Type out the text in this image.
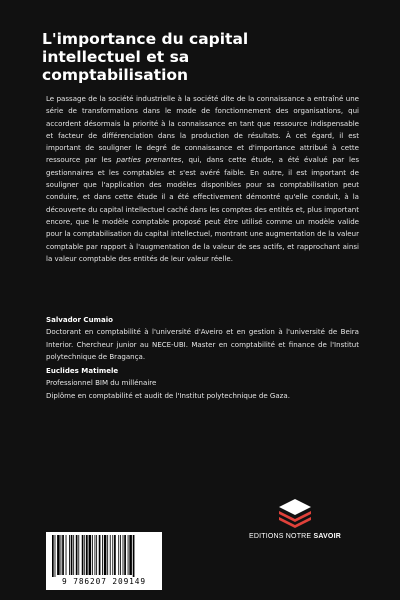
L'importance du capital
intellectuel et sa
comptabilisation

Le passage de la société industrielle à la société dite de la connaissance a entraîné une série de transformations dans le mode de fonctionnement des organisations, qui accordent désormais la priorité à la connaissance en tant que ressource indispensable et facteur de différenciation dans la production de résultats. À cet égard, il est important de souligner le degré de connaissance et d'importance attribué à cette ressource par les parties prenantes, qui, dans cette étude, a été évalué par les gestionnaires et les comptables et s'est avéré faible. En outre, il est important de souligner que l'application des modèles disponibles pour sa comptabilisation peut conduire, et dans cette étude il a été effectivement démontré qu'elle conduit, à la découverte du capital intellectuel caché dans les comptes des entités et, plus important encore, que le modèle comptable proposé peut être utilisé comme un modèle valide pour la comptabilisation du capital intellectuel, montrant une augmentation de la valeur comptable par rapport à l'augmentation de la valeur de ses actifs, et rapprochant ainsi la valeur comptable des entités de leur valeur réelle.

Salvador Cumaio
Doctorant en comptabilité à l'université d'Aveiro et en gestion à l'université de Beira Interior. Chercheur junior au NECE-UBI. Master en comptabilité et finance de l'Institut polytechnique de Bragança.
Euclides Matimele
Professionnel BIM du millénaire
Diplôme en comptabilité et audit de l'Institut polytechnique de Gaza.
EDITIONS NOTRE SAVOIR
9 786207 209149
